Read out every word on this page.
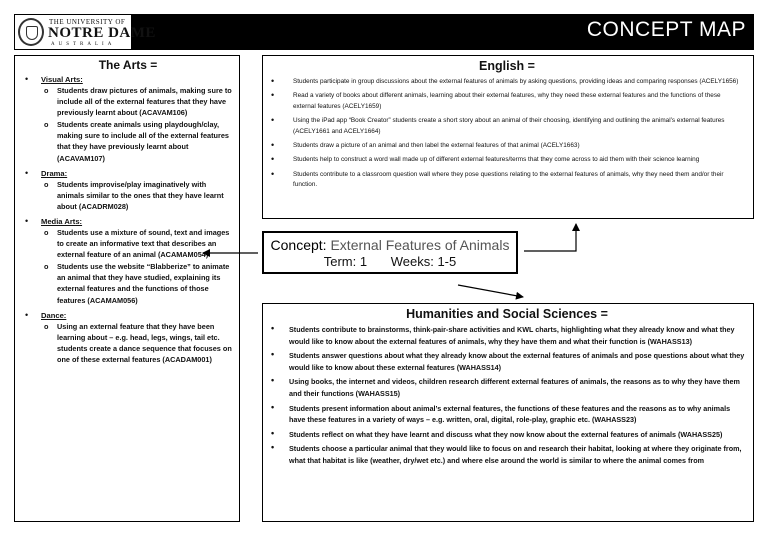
THE UNIVERSITY OF
NOTRE DAME
AUSTRALIA
CONCEPT MAP
The Arts =
• Visual Arts:
o Students draw pictures of animals, making sure to include all of the external features that they have previously learnt about (ACAVAM106)
o Students create animals using playdough/clay, making sure to include all of the external features that they have previously learnt about (ACAVAM107)
• Drama:
o Students improvise/play imaginatively with animals similar to the ones that they have learnt about (ACADRM028)
• Media Arts:
o Students use a mixture of sound, text and images to create an informative text that describes an external feature of an animal (ACAMAM054)
o Students use the website “Blabberize” to animate an animal that they have studied, explaining its external features and the functions of those features (ACAMAM056)
• Dance:
o Using an external feature that they have been learning about – e.g. head, legs, wings, tail etc. students create a dance sequence that focuses on one of these external features (ACADAM001)
English =
• Students participate in group discussions about the external features of animals by asking questions, providing ideas and comparing responses (ACELY1656)
• Read a variety of books about different animals, learning about their external features, why they need these external features and the functions of these external features (ACELY1659)
• Using the iPad app “Book Creator” students create a short story about an animal of their choosing, identifying and outlining the animal’s external features (ACELY1661 and ACELY1664)
• Students draw a picture of an animal and then label the external features of that animal (ACELY1663)
• Students help to construct a word wall made up of different external features/terms that they come across to aid them with their science learning
• Students contribute to a classroom question wall where they pose questions relating to the external features of animals, why they need them and/or their function.
Concept: External Features of Animals
Term: 1 Weeks: 1-5
Humanities and Social Sciences =
• Students contribute to brainstorms, think-pair-share activities and KWL charts, highlighting what they already know and what they would like to know about the external features of animals, why they have them and what their function is (WAHASS13)
• Students answer questions about what they already know about the external features of animals and pose questions about what they would like to know about these external features (WAHASS14)
• Using books, the internet and videos, children research different external features of animals, the reasons as to why they have them and their functions (WAHASS15)
• Students present information about animal’s external features, the functions of these features and the reasons as to why animals have these features in a variety of ways – e.g. written, oral, digital, role-play, graphic etc. (WAHASS23)
• Students reflect on what they have learnt and discuss what they now know about the external features of animals (WAHASS25)
• Students choose a particular animal that they would like to focus on and research their habitat, looking at where they originate from, what that habitat is like (weather, dry/wet etc.) and where else around the world is similar to where the animal comes from
